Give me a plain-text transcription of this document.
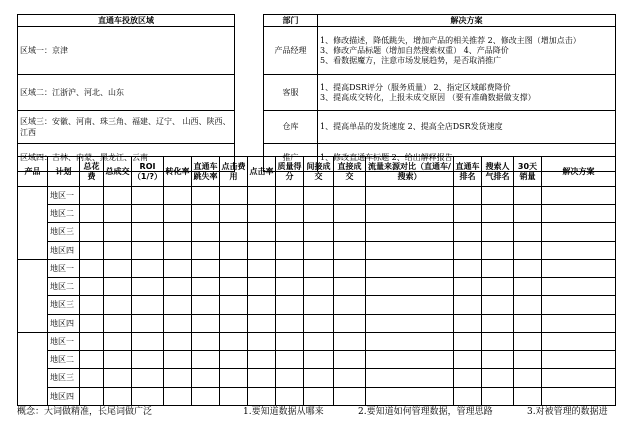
直通车投放区域
区域一：京津
区域二：江浙沪、河北、山东
区域三：安徽、河南、珠三角、福建、辽宁、 山西、陕西、江西
区域四：吉林、内蒙、黑龙江、云南
部门	解决方案
产品经理	1、修改描述，降低跳失，增加产品的相关推荐 2、修改主图（增加点击）
3、修改产品标题（增加自然搜索权重） 4、产品降价
5、看数据魔方，注意市场发展趋势，是否取消推广

客服	1、提高DSR评分（服务质量） 2、指定区域邮费降价
3、提高成交转化，上报未成交原因 （要有准确数据做支撑）

仓库	1、提高单品的发货速度 2、提高全店DSR发货速度

推广	1、修改直通车标题 2、给出解释报告
产品	计划	总花费	总成交	ROI（1/?）	转化率	直通车跳失率	点击费用	点击率	质量得分	间接成交	直接成交	流量来源对比（直通车/搜索）	直通车排名	搜索人气排名	30天销量	解决方案
	地区一															
	地区二															
	地区三															
	地区四															
	地区一															
	地区二															
	地区三															
	地区四															
	地区一															
	地区二															
	地区三															
	地区四															
概念：大词做精准，长尾词做广泛	1.要知道数据从哪来	2.要知道如何管理数据，管理思路	3.对被管理的数据进
